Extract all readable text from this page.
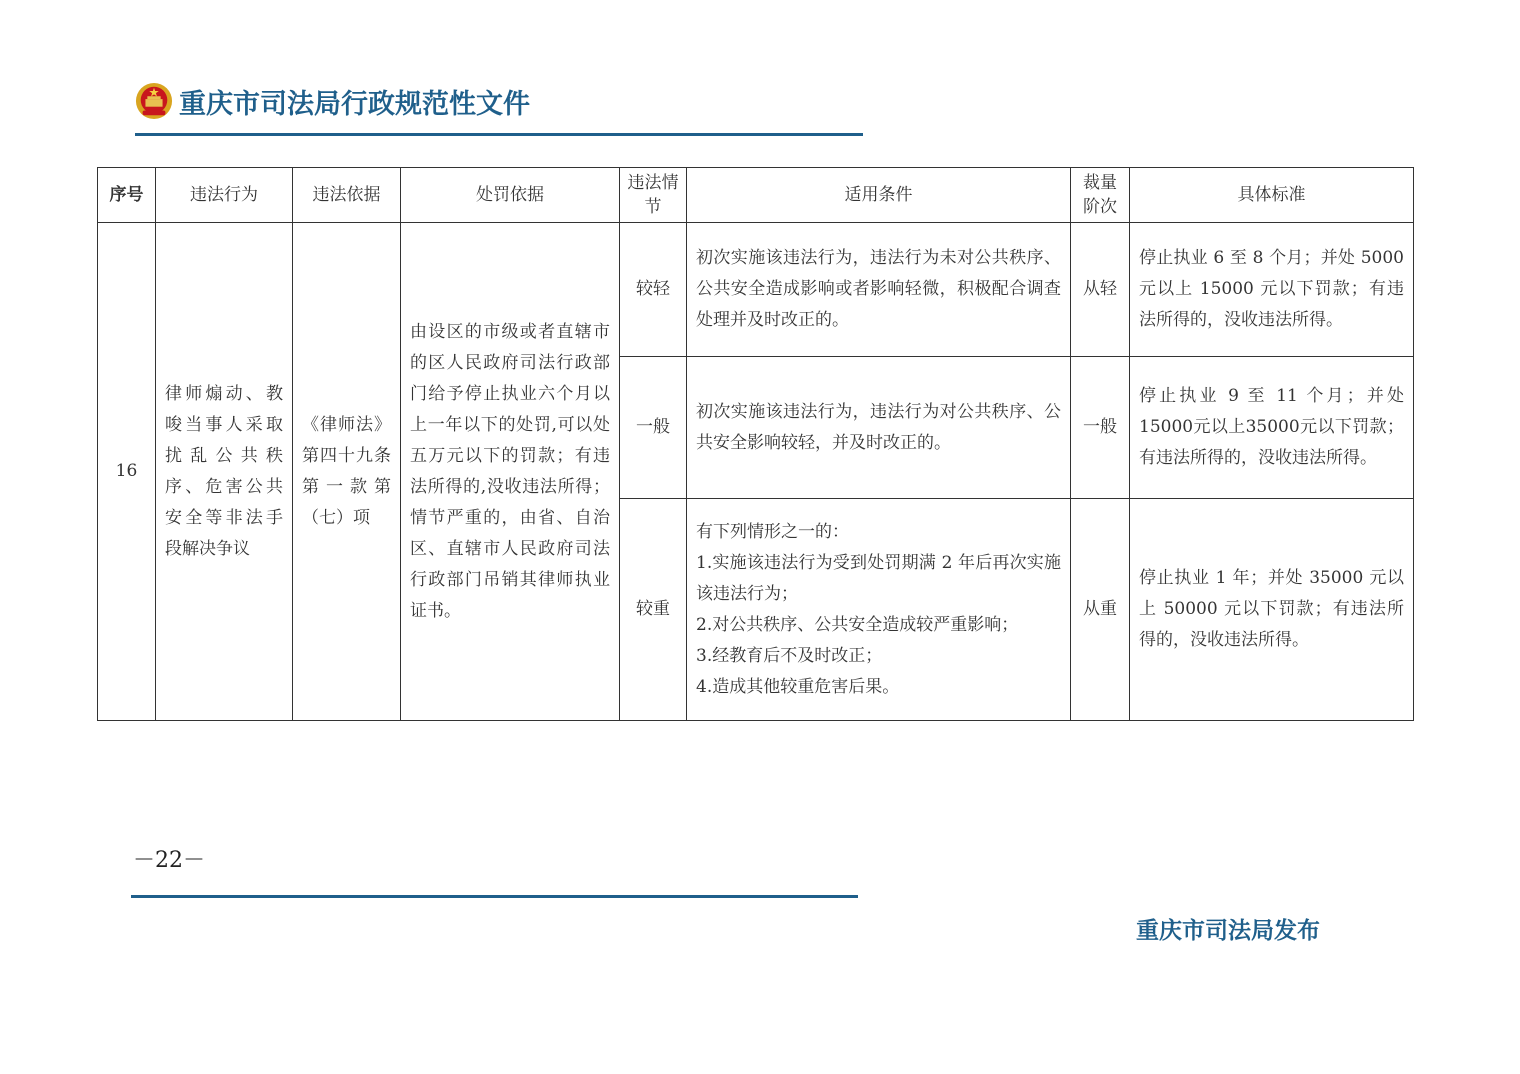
重庆市司法局行政规范性文件
序号	违法行为	违法依据	处罚依据	违法情节	适用条件	裁量阶次	具体标准
16	律师煽动、教唆当事人采取扰乱公共秩序、危害公共安全等非法手段解决争议	《律师法》第四十九条第一款第（七）项	由设区的市级或者直辖市的区人民政府司法行政部门给予停止执业六个月以上一年以下的处罚,可以处五万元以下的罚款；有违法所得的,没收违法所得；情节严重的，由省、自治区、直辖市人民政府司法行政部门吊销其律师执业证书。	较轻	初次实施该违法行为，违法行为未对公共秩序、公共安全造成影响或者影响轻微，积极配合调查处理并及时改正的。	从轻	停止执业 6 至 8 个月；并处 5000 元以上 15000 元以下罚款；有违法所得的，没收违法所得。
				一般	初次实施该违法行为，违法行为对公共秩序、公共安全影响较轻，并及时改正的。	一般	停止执业 9 至 11 个月；并处 15000元以上35000元以下罚款；有违法所得的，没收违法所得。
				较重	有下列情形之一的：
1.实施该违法行为受到处罚期满 2 年后再次实施该违法行为；
2.对公共秩序、公共安全造成较严重影响；
3.经教育后不及时改正；
4.造成其他较重危害后果。	从重	停止执业 1 年；并处 35000 元以上 50000 元以下罚款；有违法所得的，没收违法所得。
－22－
重庆市司法局发布
